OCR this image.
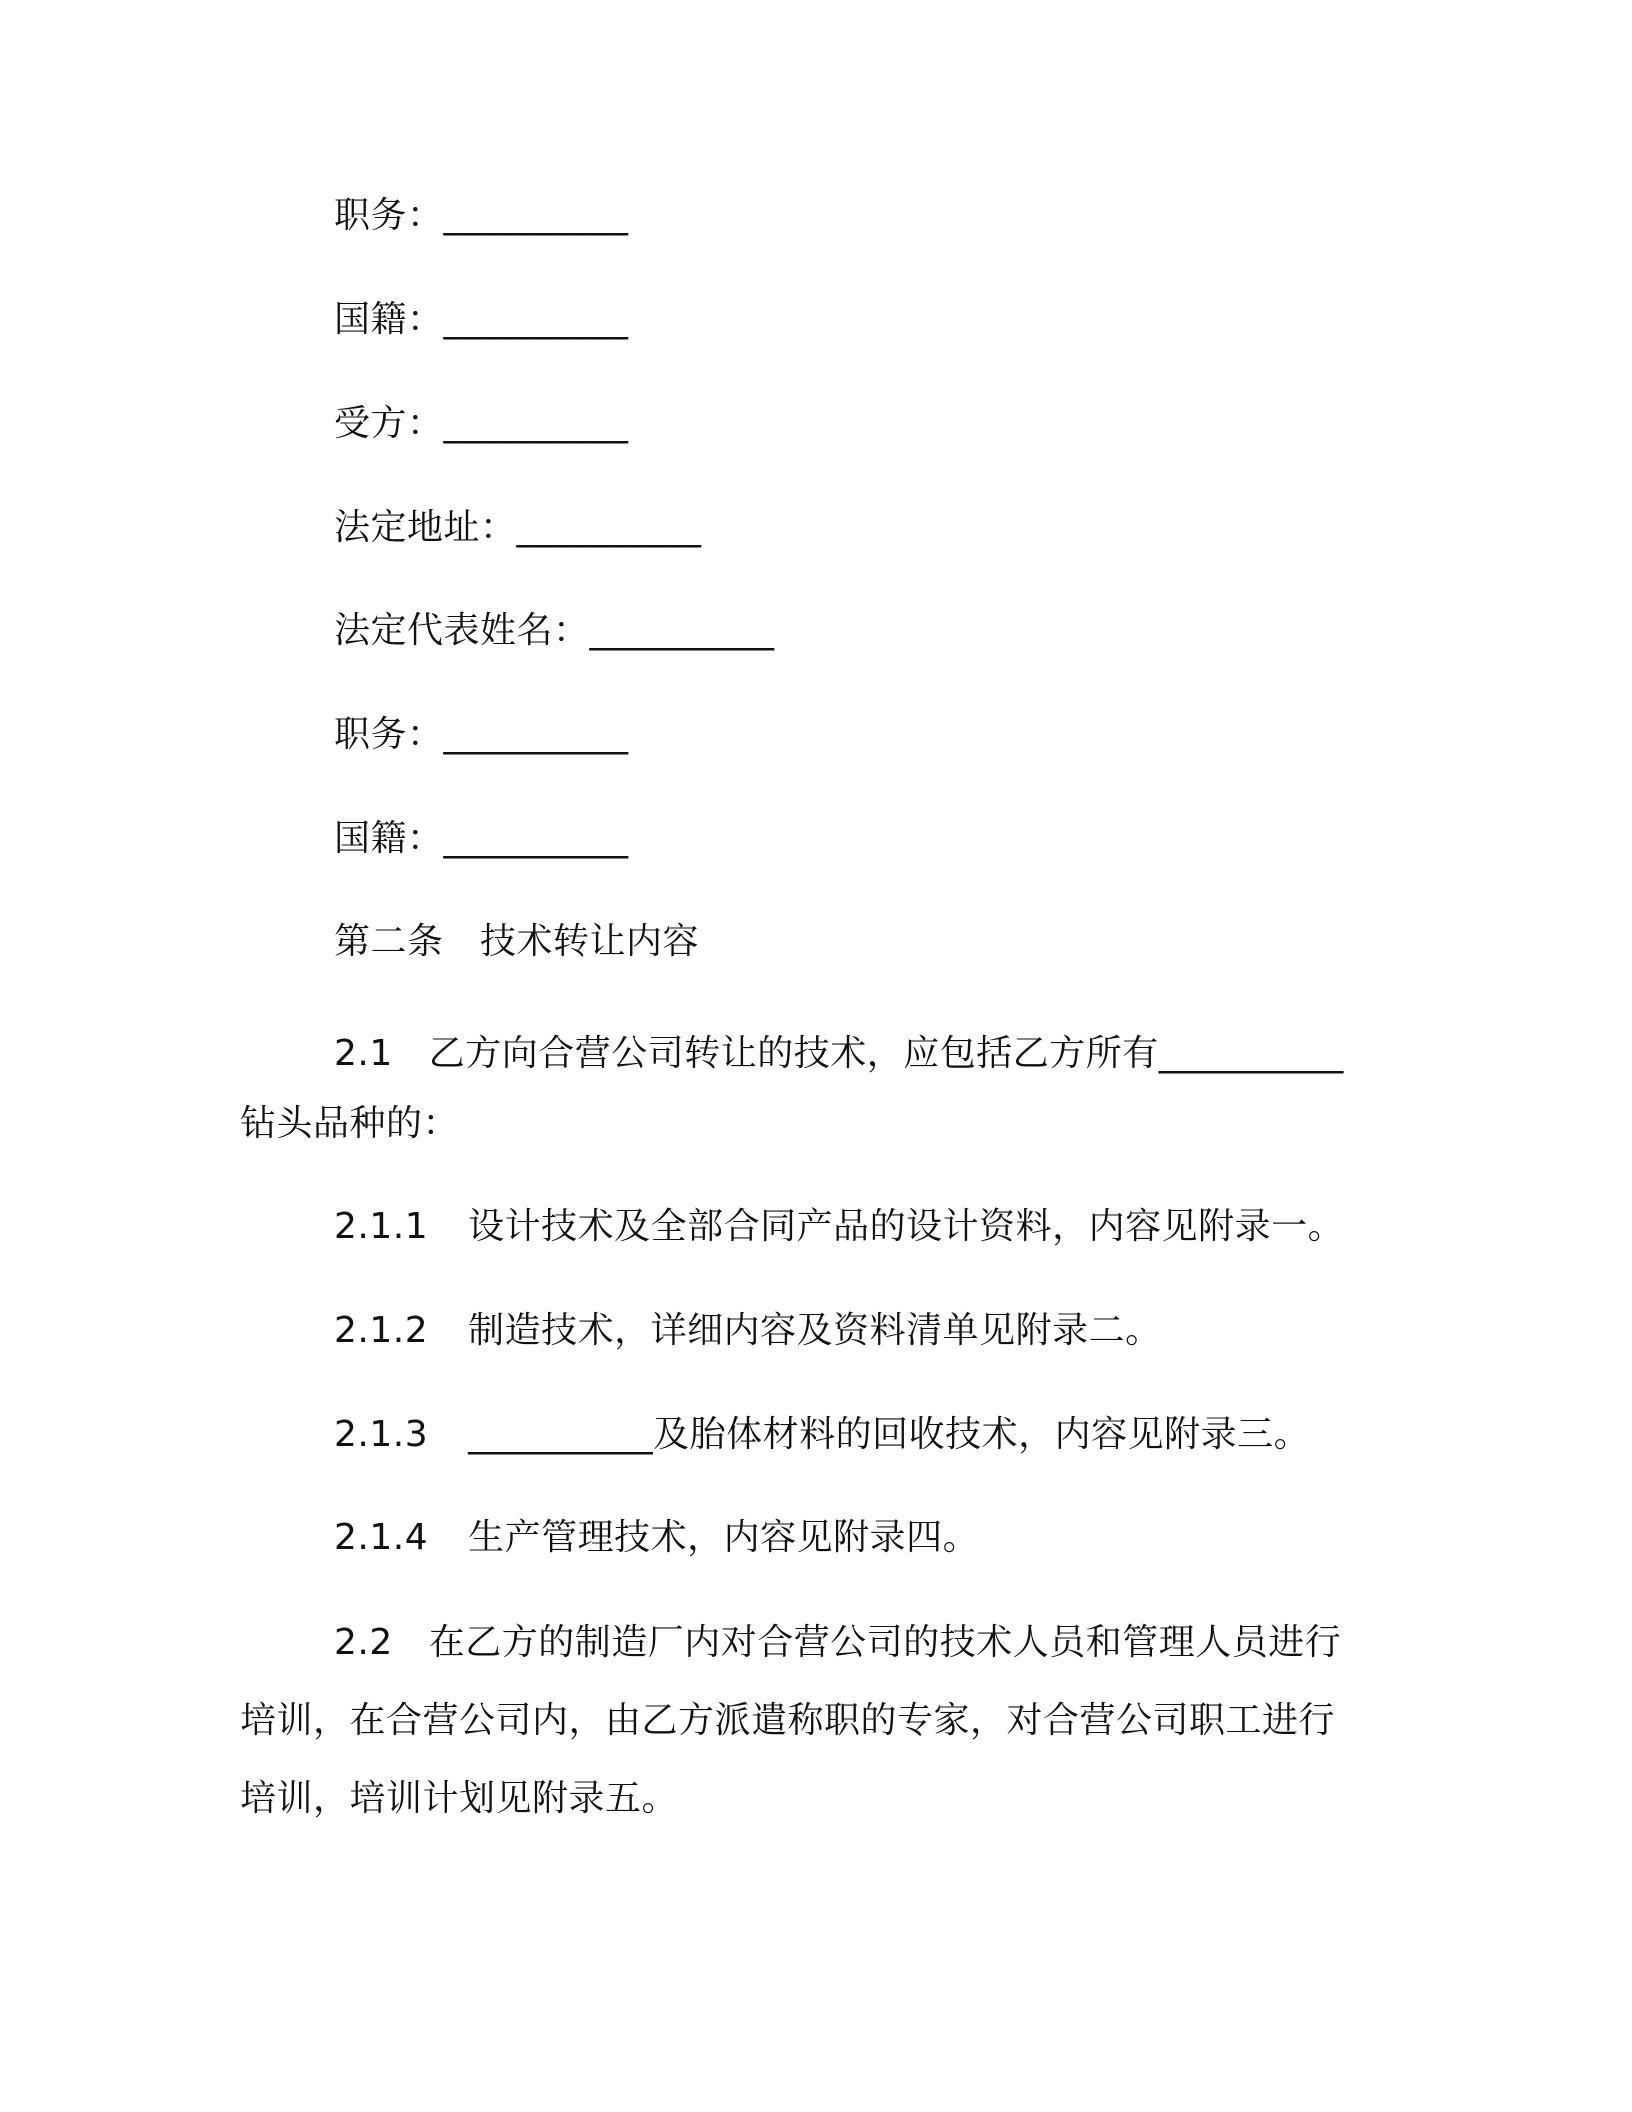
职务：__________
国籍：__________
受方：__________
法定地址：__________
法定代表姓名：__________
职务：__________
国籍：__________
第二条　技术转让内容
2.1 乙方向合营公司转让的技术，应包括乙方所有__________
钻头品种的：
2.1.1 设计技术及全部合同产品的设计资料，内容见附录一。
2.1.2 制造技术，详细内容及资料清单见附录二。
2.1.3 __________及胎体材料的回收技术，内容见附录三。
2.1.4 生产管理技术，内容见附录四。
2.2 在乙方的制造厂内对合营公司的技术人员和管理人员进行
培训，在合营公司内，由乙方派遣称职的专家，对合营公司职工进行
培训，培训计划见附录五。
